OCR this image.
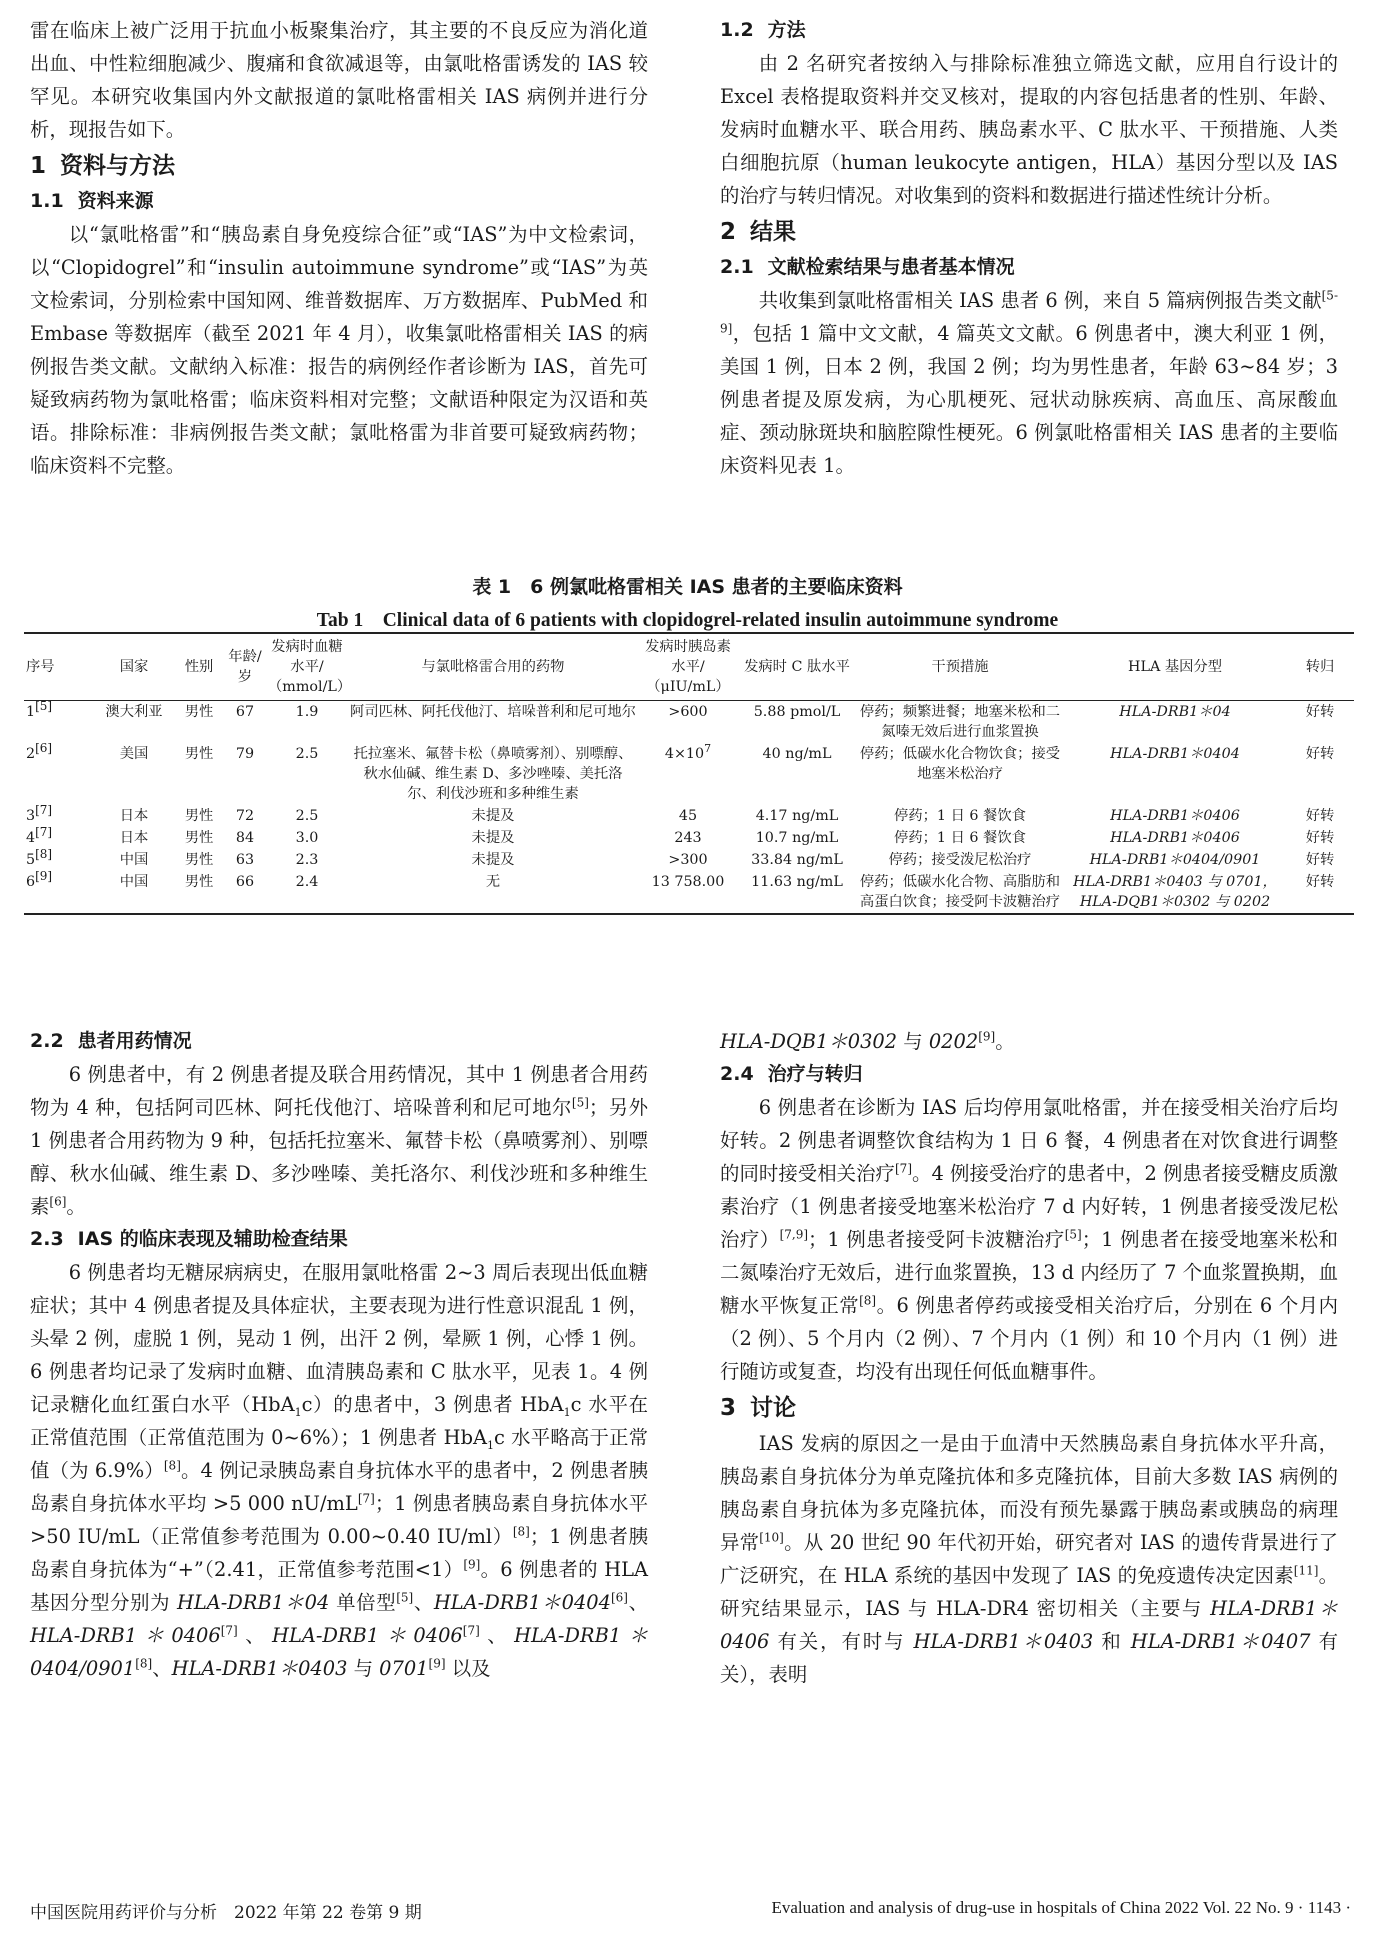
雷在临床上被广泛用于抗血小板聚集治疗，其主要的不良反应为消化道出血、中性粒细胞减少、腹痛和食欲减退等，由氯吡格雷诱发的 IAS 较罕见。本研究收集国内外文献报道的氯吡格雷相关 IAS 病例并进行分析，现报告如下。

1 资料与方法
1.1 资料来源

以“氯吡格雷”和“胰岛素自身免疫综合征”或“IAS”为中文检索词，以“Clopidogrel”和“insulin autoimmune syndrome”或“IAS”为英文检索词，分别检索中国知网、维普数据库、万方数据库、PubMed 和 Embase 等数据库（截至 2021 年 4 月），收集氯吡格雷相关 IAS 的病例报告类文献。文献纳入标准：报告的病例经作者诊断为 IAS，首先可疑致病药物为氯吡格雷；临床资料相对完整；文献语种限定为汉语和英语。排除标准：非病例报告类文献；氯吡格雷为非首要可疑致病药物；临床资料不完整。

1.2 方法

由 2 名研究者按纳入与排除标准独立筛选文献，应用自行设计的 Excel 表格提取资料并交叉核对，提取的内容包括患者的性别、年龄、发病时血糖水平、联合用药、胰岛素水平、C 肽水平、干预措施、人类白细胞抗原（human leukocyte antigen，HLA）基因分型以及 IAS 的治疗与转归情况。对收集到的资料和数据进行描述性统计分析。

2 结果
2.1 文献检索结果与患者基本情况

共收集到氯吡格雷相关 IAS 患者 6 例，来自 5 篇病例报告类文献[5-9]，包括 1 篇中文文献，4 篇英文文献。6 例患者中，澳大利亚 1 例，美国 1 例，日本 2 例，我国 2 例；均为男性患者，年龄 63~84 岁；3 例患者提及原发病，为心肌梗死、冠状动脉疾病、高血压、高尿酸血症、颈动脉斑块和脑腔隙性梗死。6 例氯吡格雷相关 IAS 患者的主要临床资料见表 1。

表 1　6 例氯吡格雷相关 IAS 患者的主要临床资料
Tab 1　Clinical data of 6 patients with clopidogrel-related insulin autoimmune syndrome
序号	国家	性别	年龄/岁	发病时血糖水平/（mmol/L）	与氯吡格雷合用的药物	发病时胰岛素水平/（μIU/mL）	发病时 C 肽水平	干预措施	HLA 基因分型	转归
1[5]	澳大利亚	男性	67	1.9	阿司匹林、阿托伐他汀、培哚普利和尼可地尔	>600	5.88 pmol/L	停药；频繁进餐；地塞米松和二氮嗪无效后进行血浆置换	HLA-DRB1＊04	好转
2[6]	美国	男性	79	2.5	托拉塞米、氟替卡松（鼻喷雾剂）、别嘌醇、秋水仙碱、维生素 D、多沙唑嗪、美托洛尔、利伐沙班和多种维生素	$4\times 10^7$	40 ng/mL	停药；低碳水化合物饮食；接受地塞米松治疗	HLA-DRB1＊0404	好转
3[7]	日本	男性	72	2.5	未提及	45	4.17 ng/mL	停药；1 日 6 餐饮食	HLA-DRB1＊0406	好转
4[7]	日本	男性	84	3.0	未提及	243	10.7 ng/mL	停药；1 日 6 餐饮食	HLA-DRB1＊0406	好转
5[8]	中国	男性	63	2.3	未提及	>300	33.84 ng/mL	停药；接受泼尼松治疗	HLA-DRB1＊0404/0901	好转
6[9]	中国	男性	66	2.4	无	13 758.00	11.63 ng/mL	停药；低碳水化合物、高脂肪和高蛋白饮食；接受阿卡波糖治疗	HLA-DRB1＊0403 与 0701，HLA-DQB1＊0302 与 0202	好转
2.2 患者用药情况

6 例患者中，有 2 例患者提及联合用药情况，其中 1 例患者合用药物为 4 种，包括阿司匹林、阿托伐他汀、培哚普利和尼可地尔[5]；另外 1 例患者合用药物为 9 种，包括托拉塞米、氟替卡松（鼻喷雾剂）、别嘌醇、秋水仙碱、维生素 D、多沙唑嗪、美托洛尔、利伐沙班和多种维生素[6]。

2.3 IAS 的临床表现及辅助检查结果

6 例患者均无糖尿病病史，在服用氯吡格雷 2~3 周后表现出低血糖症状；其中 4 例患者提及具体症状，主要表现为进行性意识混乱 1 例，头晕 2 例，虚脱 1 例，晃动 1 例，出汗 2 例，晕厥 1 例，心悸 1 例。6 例患者均记录了发病时血糖、血清胰岛素和 C 肽水平，见表 1。4 例记录糖化血红蛋白水平（HbA$_1$c）的患者中，3 例患者 HbA$_1$c 水平在正常值范围（正常值范围为 0~6%）；1 例患者 HbA$_1$c 水平略高于正常值（为 6.9%）[8]。4 例记录胰岛素自身抗体水平的患者中，2 例患者胰岛素自身抗体水平均 >5 000 nU/mL[7]；1 例患者胰岛素自身抗体水平 >50 IU/mL（正常值参考范围为 0.00~0.40 IU/ml）[8]；1 例患者胰岛素自身抗体为“+”（2.41，正常值参考范围<1）[9]。6 例患者的 HLA 基因分型分别为 HLA-DRB1＊04 单倍型[5]、HLA-DRB1＊0404[6]、HLA-DRB1＊0406[7]、HLA-DRB1＊0406[7]、HLA-DRB1＊0404/0901[8]、HLA-DRB1＊0403 与 0701[9] 以及

HLA-DQB1＊0302 与 0202[9]。

2.4 治疗与转归

6 例患者在诊断为 IAS 后均停用氯吡格雷，并在接受相关治疗后均好转。2 例患者调整饮食结构为 1 日 6 餐，4 例患者在对饮食进行调整的同时接受相关治疗[7]。4 例接受治疗的患者中，2 例患者接受糖皮质激素治疗（1 例患者接受地塞米松治疗 7 d 内好转，1 例患者接受泼尼松治疗）[7,9]；1 例患者接受阿卡波糖治疗[5]；1 例患者在接受地塞米松和二氮嗪治疗无效后，进行血浆置换，13 d 内经历了 7 个血浆置换期，血糖水平恢复正常[8]。6 例患者停药或接受相关治疗后，分别在 6 个月内（2 例）、5 个月内（2 例）、7 个月内（1 例）和 10 个月内（1 例）进行随访或复查，均没有出现任何低血糖事件。

3 讨论

IAS 发病的原因之一是由于血清中天然胰岛素自身抗体水平升高，胰岛素自身抗体分为单克隆抗体和多克隆抗体，目前大多数 IAS 病例的胰岛素自身抗体为多克隆抗体，而没有预先暴露于胰岛素或胰岛的病理异常[10]。从 20 世纪 90 年代初开始，研究者对 IAS 的遗传背景进行了广泛研究，在 HLA 系统的基因中发现了 IAS 的免疫遗传决定因素[11]。研究结果显示，IAS 与 HLA-DR4 密切相关（主要与 HLA-DRB1＊0406 有关，有时与 HLA-DRB1＊0403 和 HLA-DRB1＊0407 有关），表明

中国医院用药评价与分析　2022 年第 22 卷第 9 期	Evaluation and analysis of drug-use in hospitals of China 2022 Vol. 22 No. 9 · 1143 ·
